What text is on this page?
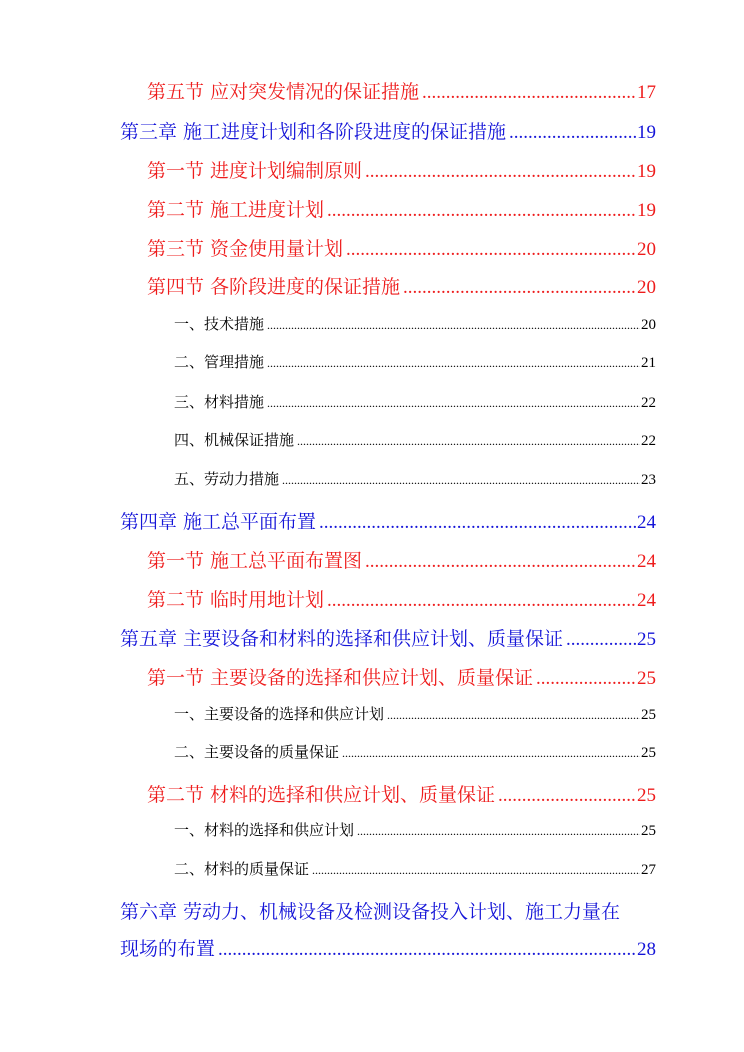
第五节 应对突发情况的保证措施 .....	17
第三章 施工进度计划和各阶段进度的保证措施 .....	19
第一节 进度计划编制原则 .....	19
第二节 施工进度计划 .....	19
第三节 资金使用量计划 .....	20
第四节 各阶段进度的保证措施 .....	20
一、技术措施 .....	20
二、管理措施 .....	21
三、材料措施 .....	22
四、机械保证措施 .....	22
五、劳动力措施 .....	23
第四章 施工总平面布置 .....	24
第一节 施工总平面布置图 .....	24
第二节 临时用地计划 .....	24
第五章 主要设备和材料的选择和供应计划、质量保证 .....	25
第一节 主要设备的选择和供应计划、质量保证 .....	25
一、主要设备的选择和供应计划 .....	25
二、主要设备的质量保证 .....	25
第二节 材料的选择和供应计划、质量保证 .....	25
一、材料的选择和供应计划 .....	25
二、材料的质量保证 .....	27
第六章 劳动力、机械设备及检测设备投入计划、施工力量在
现场的布置 .....	28
